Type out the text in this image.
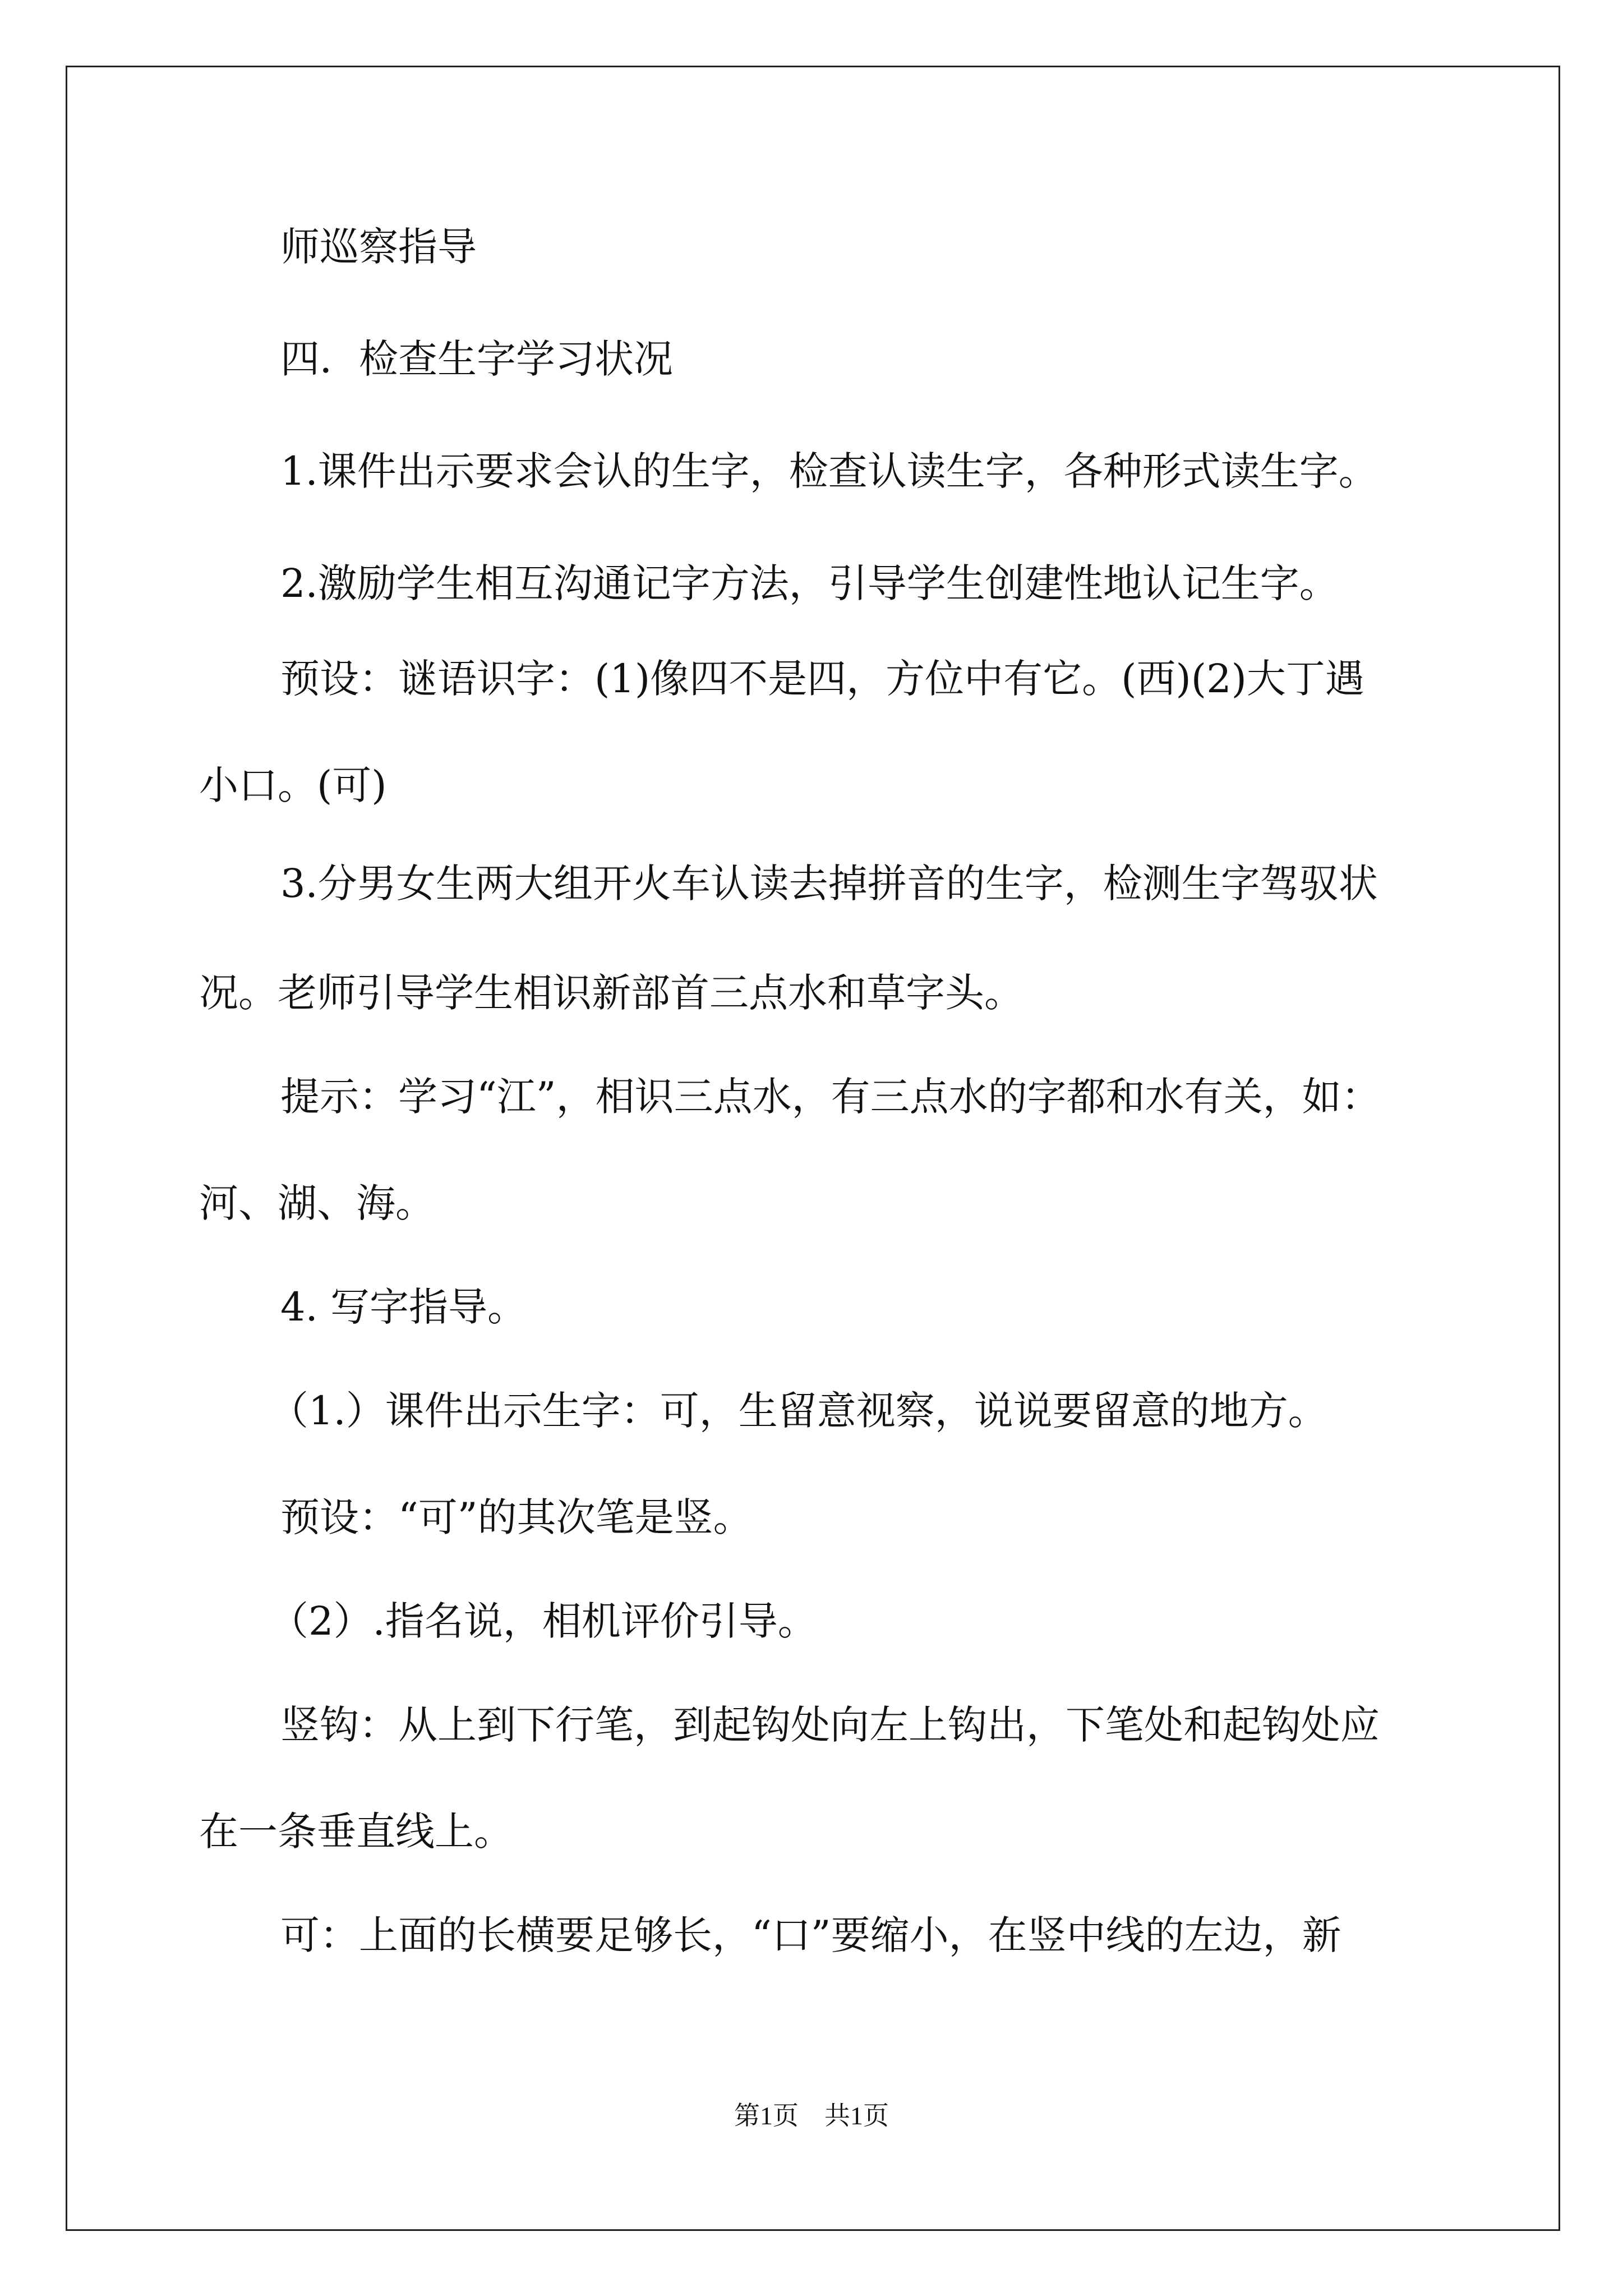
师巡察指导

四．检查生字学习状况

1.课件出示要求会认的生字，检查认读生字，各种形式读生字。

2.激励学生相互沟通记字方法，引导学生创建性地认记生字。

预设：谜语识字：(1)像四不是四，方位中有它。(西)(2)大丁遇

小口。(可)

3.分男女生两大组开火车认读去掉拼音的生字，检测生字驾驭状

况。老师引导学生相识新部首三点水和草字头。

提示：学习“江”，相识三点水，有三点水的字都和水有关，如：

河、湖、海。

4. 写字指导。

（1.）课件出示生字：可，生留意视察，说说要留意的地方。

预设：“可”的其次笔是竖。

（2）.指名说，相机评价引导。

竖钩：从上到下行笔，到起钩处向左上钩出，下笔处和起钩处应

在一条垂直线上。

可：上面的长横要足够长，“口”要缩小，在竖中线的左边，新

第1页　共1页
